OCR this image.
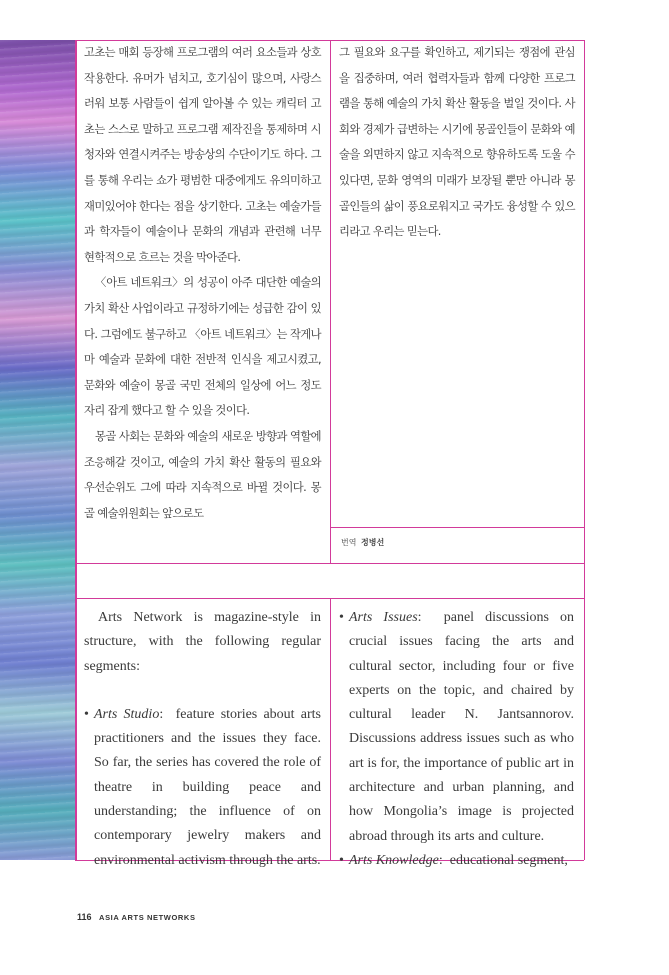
고초는 매회 등장해 프로그램의 여러 요소들과 상호작용한다. 유머가 넘치고, 호기심이 많으며, 사랑스러워 보통 사람들이 쉽게 알아볼 수 있는 캐릭터 고초는 스스로 말하고 프로그램 제작진을 통제하며 시청자와 연결시켜주는 방송상의 수단이기도 하다. 그를 통해 우리는 쇼가 평범한 대중에게도 유의미하고 재미있어야 한다는 점을 상기한다. 고초는 예술가들과 학자들이 예술이나 문화의 개념과 관련해 너무 현학적으로 흐르는 것을 막아준다.

〈아트 네트워크〉의 성공이 아주 대단한 예술의 가치 확산 사업이라고 규정하기에는 성급한 감이 있다. 그럼에도 불구하고 〈아트 네트워크〉는 작게나마 예술과 문화에 대한 전반적 인식을 제고시켰고, 문화와 예술이 몽골 국민 전체의 일상에 어느 정도 자리 잡게 했다고 할 수 있을 것이다.

몽골 사회는 문화와 예술의 새로운 방향과 역할에 조응해갈 것이고, 예술의 가치 확산 활동의 필요와 우선순위도 그에 따라 지속적으로 바뀔 것이다. 몽골 예술위원회는 앞으로도

그 필요와 요구를 확인하고, 제기되는 쟁점에 관심을 집중하며, 여러 협력자들과 함께 다양한 프로그램을 통해 예술의 가치 확산 활동을 벌일 것이다. 사회와 경제가 급변하는 시기에 몽골인들이 문화와 예술을 외면하지 않고 지속적으로 향유하도록 도울 수 있다면, 문화 영역의 미래가 보장될 뿐만 아니라 몽골인들의 삶이 풍요로워지고 국가도 융성할 수 있으리라고 우리는 믿는다.

번역 정병선

Arts Network is magazine-style in structure, with the following regular segments:

• Arts Studio: feature stories about arts practitioners and the issues they face. So far, the series has covered the role of theatre in building peace and understanding; the influence of on contemporary jewelry makers and environmental activism through the arts.

• Arts Issues: panel discussions on crucial issues facing the arts and cultural sector, including four or five experts on the topic, and chaired by cultural leader N. Jantsannorov. Discussions address issues such as who art is for, the importance of public art in architecture and urban planning, and how Mongolia’s image is projected abroad through its arts and culture.

• Arts Knowledge: educational segment,

116 ASIA ARTS NETWORKS
